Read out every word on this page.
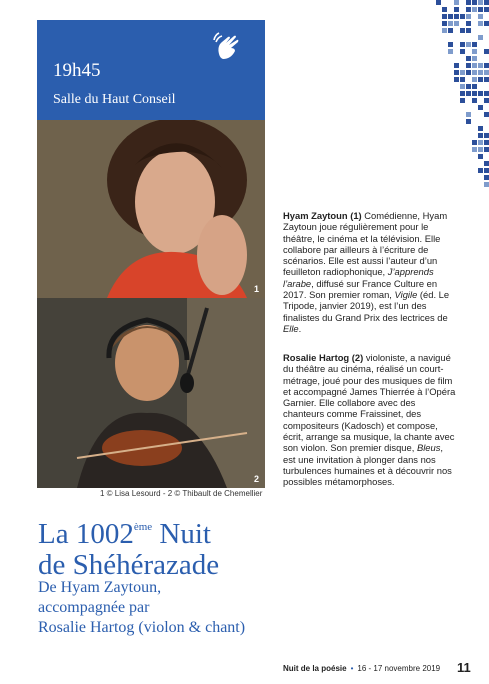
19h45
Salle du Haut Conseil
1
2
1 © Lisa Lesourd - 2 © Thibault de Chemellier
Hyam Zaytoun (1) Comédienne, Hyam Zaytoun joue régulièrement pour le théâtre, le cinéma et la télévision. Elle collabore par ailleurs à l’écriture de scénarios. Elle est aussi l’auteur d’un feuilleton radiophonique, J’apprends l’arabe, diffusé sur France Culture en 2017. Son premier roman, Vigile (éd. Le Tripode, janvier 2019), est l’un des finalistes du Grand Prix des lectrices de Elle.
Rosalie Hartog (2) violoniste, a navigué du théâtre au cinéma, réalisé un court-métrage, joué pour des musiques de film et accompagné James Thierrée à l’Opéra Garnier. Elle collabore avec des chanteurs comme Fraissinet, des compositeurs (Kadosch) et compose, écrit, arrange sa musique, la chante avec son violon. Son premier disque, Bleus, est une invitation à plonger dans nos turbulences humaines et à découvrir nos possibles métamorphoses.
La 1002ème Nuit
de Shéhérazade
De Hyam Zaytoun,
accompagnée par
Rosalie Hartog (violon & chant)
Nuit de la poésie • 16 - 17 novembre 2019 11
